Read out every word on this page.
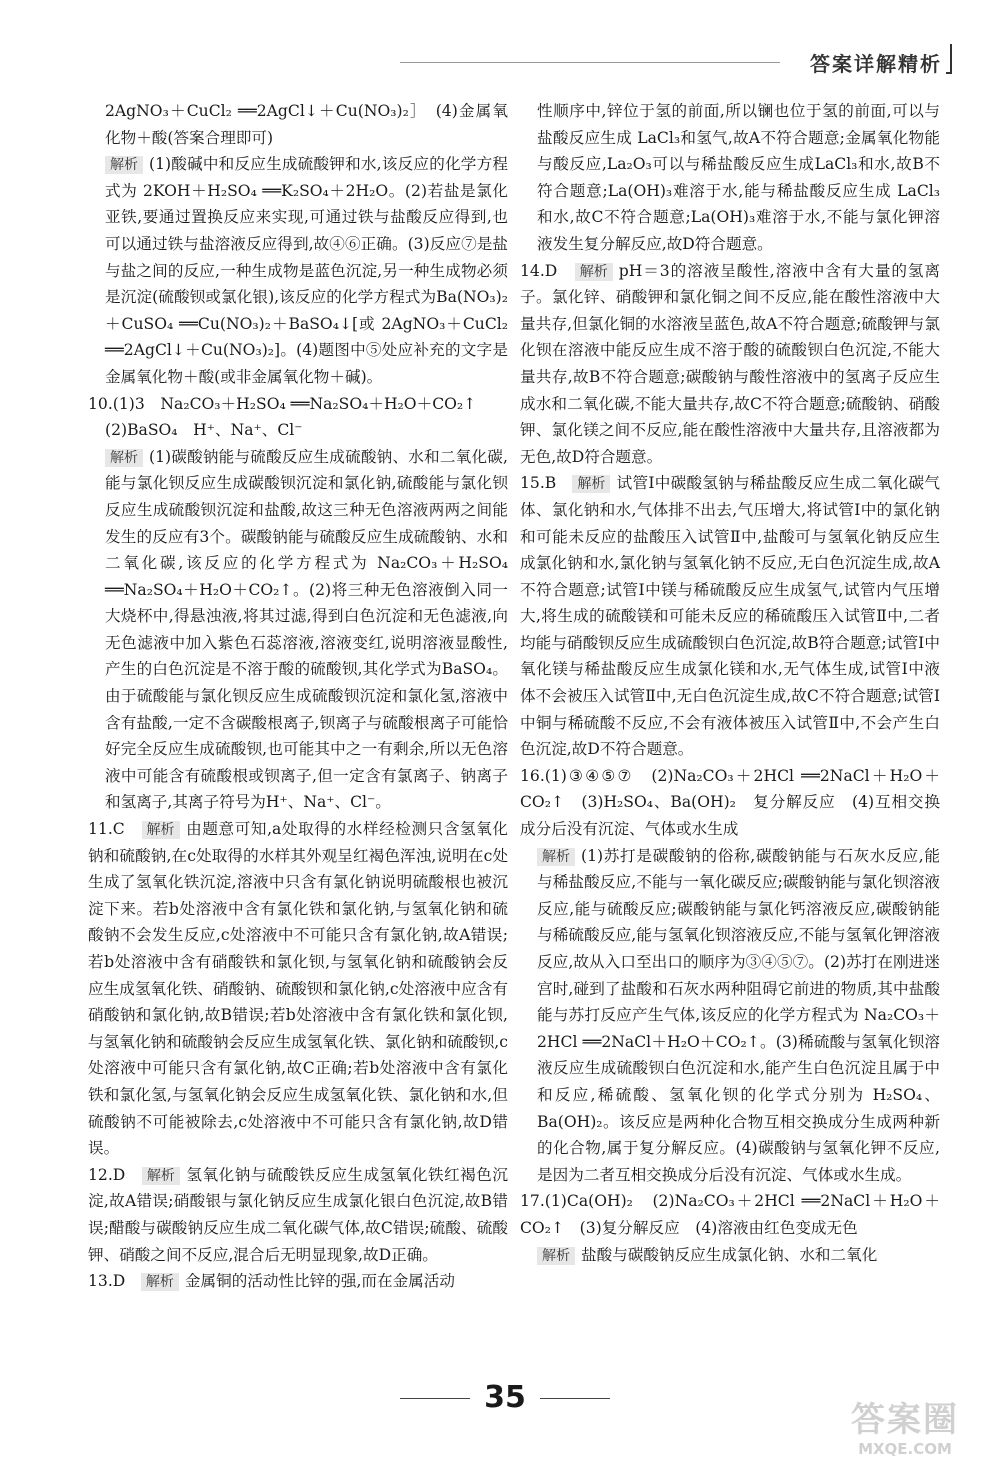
答案详解精析

2AgNO₃＋CuCl₂ ══2AgCl↓＋Cu(NO₃)₂］　(4)金属氧化物＋酸(答案合理即可)

解析 (1)酸碱中和反应生成硫酸钾和水,该反应的化学方程式为 2KOH＋H₂SO₄ ══K₂SO₄＋2H₂O。(2)若盐是氯化亚铁,要通过置换反应来实现,可通过铁与盐酸反应得到,也可以通过铁与盐溶液反应得到,故④⑥正确。(3)反应⑦是盐与盐之间的反应,一种生成物是蓝色沉淀,另一种生成物必须是沉淀(硫酸钡或氯化银),该反应的化学方程式为Ba(NO₃)₂＋CuSO₄ ══Cu(NO₃)₂＋BaSO₄↓[或 2AgNO₃＋CuCl₂ ══2AgCl↓＋Cu(NO₃)₂]。(4)题图中⑤处应补充的文字是金属氧化物＋酸(或非金属氧化物＋碱)。

10.(1)3　Na₂CO₃＋H₂SO₄ ══Na₂SO₄＋H₂O＋CO₂↑

(2)BaSO₄　H⁺、Na⁺、Cl⁻

解析 (1)碳酸钠能与硫酸反应生成硫酸钠、水和二氧化碳,能与氯化钡反应生成碳酸钡沉淀和氯化钠,硫酸能与氯化钡反应生成硫酸钡沉淀和盐酸,故这三种无色溶液两两之间能发生的反应有3个。碳酸钠能与硫酸反应生成硫酸钠、水和二氧化碳,该反应的化学方程式为 Na₂CO₃＋H₂SO₄ ══Na₂SO₄＋H₂O＋CO₂↑。(2)将三种无色溶液倒入同一大烧杯中,得悬浊液,将其过滤,得到白色沉淀和无色滤液,向无色滤液中加入紫色石蕊溶液,溶液变红,说明溶液显酸性,产生的白色沉淀是不溶于酸的硫酸钡,其化学式为BaSO₄。由于硫酸能与氯化钡反应生成硫酸钡沉淀和氯化氢,溶液中含有盐酸,一定不含碳酸根离子,钡离子与硫酸根离子可能恰好完全反应生成硫酸钡,也可能其中之一有剩余,所以无色溶液中可能含有硫酸根或钡离子,但一定含有氯离子、钠离子和氢离子,其离子符号为H⁺、Na⁺、Cl⁻。

11.C　解析 由题意可知,a处取得的水样经检测只含氢氧化钠和硫酸钠,在c处取得的水样其外观呈红褐色浑浊,说明在c处生成了氢氧化铁沉淀,溶液中只含有氯化钠说明硫酸根也被沉淀下来。若b处溶液中含有氯化铁和氯化钠,与氢氧化钠和硫酸钠不会发生反应,c处溶液中不可能只含有氯化钠,故A错误;若b处溶液中含有硝酸铁和氯化钡,与氢氧化钠和硫酸钠会反应生成氢氧化铁、硝酸钠、硫酸钡和氯化钠,c处溶液中应含有硝酸钠和氯化钠,故B错误;若b处溶液中含有氯化铁和氯化钡,与氢氧化钠和硫酸钠会反应生成氢氧化铁、氯化钠和硫酸钡,c处溶液中可能只含有氯化钠,故C正确;若b处溶液中含有氯化铁和氯化氢,与氢氧化钠会反应生成氢氧化铁、氯化钠和水,但硫酸钠不可能被除去,c处溶液中不可能只含有氯化钠,故D错误。

12.D　解析 氢氧化钠与硫酸铁反应生成氢氧化铁红褐色沉淀,故A错误;硝酸银与氯化钠反应生成氯化银白色沉淀,故B错误;醋酸与碳酸钠反应生成二氧化碳气体,故C错误;硫酸、硫酸钾、硝酸之间不反应,混合后无明显现象,故D正确。

13.D　解析 金属铜的活动性比锌的强,而在金属活动

性顺序中,锌位于氢的前面,所以镧也位于氢的前面,可以与盐酸反应生成 LaCl₃和氢气,故A不符合题意;金属氧化物能与酸反应,La₂O₃可以与稀盐酸反应生成LaCl₃和水,故B不符合题意;La(OH)₃难溶于水,能与稀盐酸反应生成 LaCl₃和水,故C不符合题意;La(OH)₃难溶于水,不能与氯化钾溶液发生复分解反应,故D符合题意。

14.D　解析 pH＝3的溶液呈酸性,溶液中含有大量的氢离子。氯化锌、硝酸钾和氯化铜之间不反应,能在酸性溶液中大量共存,但氯化铜的水溶液呈蓝色,故A不符合题意;硫酸钾与氯化钡在溶液中能反应生成不溶于酸的硫酸钡白色沉淀,不能大量共存,故B不符合题意;碳酸钠与酸性溶液中的氢离子反应生成水和二氧化碳,不能大量共存,故C不符合题意;硫酸钠、硝酸钾、氯化镁之间不反应,能在酸性溶液中大量共存,且溶液都为无色,故D符合题意。

15.B　解析 试管Ⅰ中碳酸氢钠与稀盐酸反应生成二氧化碳气体、氯化钠和水,气体排不出去,气压增大,将试管Ⅰ中的氯化钠和可能未反应的盐酸压入试管Ⅱ中,盐酸可与氢氧化钠反应生成氯化钠和水,氯化钠与氢氧化钠不反应,无白色沉淀生成,故A不符合题意;试管Ⅰ中镁与稀硫酸反应生成氢气,试管内气压增大,将生成的硫酸镁和可能未反应的稀硫酸压入试管Ⅱ中,二者均能与硝酸钡反应生成硫酸钡白色沉淀,故B符合题意;试管Ⅰ中氧化镁与稀盐酸反应生成氯化镁和水,无气体生成,试管Ⅰ中液体不会被压入试管Ⅱ中,无白色沉淀生成,故C不符合题意;试管Ⅰ中铜与稀硫酸不反应,不会有液体被压入试管Ⅱ中,不会产生白色沉淀,故D不符合题意。

16.(1)③④⑤⑦　(2)Na₂CO₃＋2HCl ══2NaCl＋H₂O＋CO₂↑　(3)H₂SO₄、Ba(OH)₂　复分解反应　(4)互相交换成分后没有沉淀、气体或水生成

解析 (1)苏打是碳酸钠的俗称,碳酸钠能与石灰水反应,能与稀盐酸反应,不能与一氧化碳反应;碳酸钠能与氯化钡溶液反应,能与硫酸反应;碳酸钠能与氯化钙溶液反应,碳酸钠能与稀硫酸反应,能与氢氧化钡溶液反应,不能与氢氧化钾溶液反应,故从入口至出口的顺序为③④⑤⑦。(2)苏打在刚进迷宫时,碰到了盐酸和石灰水两种阻碍它前进的物质,其中盐酸能与苏打反应产生气体,该反应的化学方程式为 Na₂CO₃＋2HCl ══2NaCl＋H₂O＋CO₂↑。(3)稀硫酸与氢氧化钡溶液反应生成硫酸钡白色沉淀和水,能产生白色沉淀且属于中和反应,稀硫酸、氢氧化钡的化学式分别为 H₂SO₄、Ba(OH)₂。该反应是两种化合物互相交换成分生成两种新的化合物,属于复分解反应。(4)碳酸钠与氢氧化钾不反应,是因为二者互相交换成分后没有沉淀、气体或水生成。

17.(1)Ca(OH)₂　(2)Na₂CO₃＋2HCl ══2NaCl＋H₂O＋CO₂↑　(3)复分解反应　(4)溶液由红色变成无色

解析 盐酸与碳酸钠反应生成氯化钠、水和二氧化

35
答案圈
MXQE.COM
